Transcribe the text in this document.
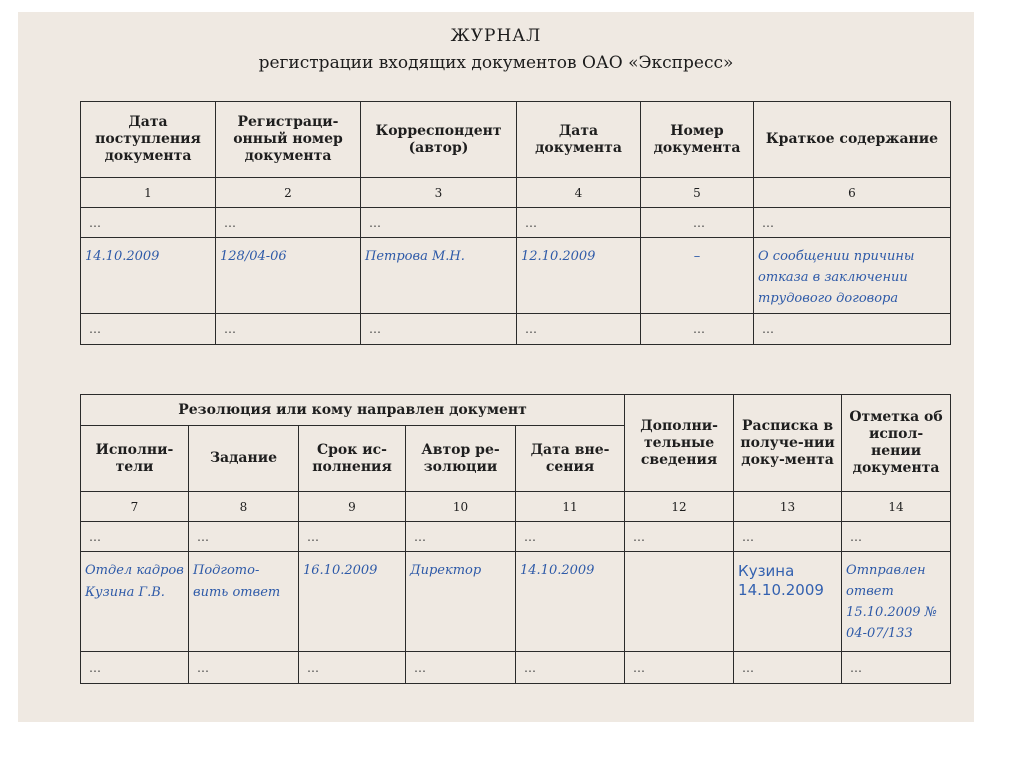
ЖУРНАЛ
регистрации входящих документов ОАО «Экспресс»
Дата поступления документа	Регистраци-онный номер документа	Корреспондент (автор)	Дата документа	Номер документа	Краткое содержание
1	2	3	4	5	6
…	…	…	…	…	…
14.10.2009	128/04-06	Петрова М.Н.	12.10.2009	–	О сообщении причины отказа в заключении трудового договора
…	…	…	…	…	…
Резолюция или кому направлен документ					Дополни-тельные сведения	Расписка в получе-нии доку-мента	Отметка об испол-нении документа
Исполни-тели	Задание	Срок ис-полнения	Автор ре-золюции	Дата вне-сения			
7	8	9	10	11	12	13	14
…	…	…	…	…	…	…	…
Отдел кадров Кузина Г.В.	Подгото-вить ответ	16.10.2009	Директор	14.10.2009		Кузина 14.10.2009	Отправлен ответ 15.10.2009 № 04-07/133
…	…	…	…	…	…	…	…
